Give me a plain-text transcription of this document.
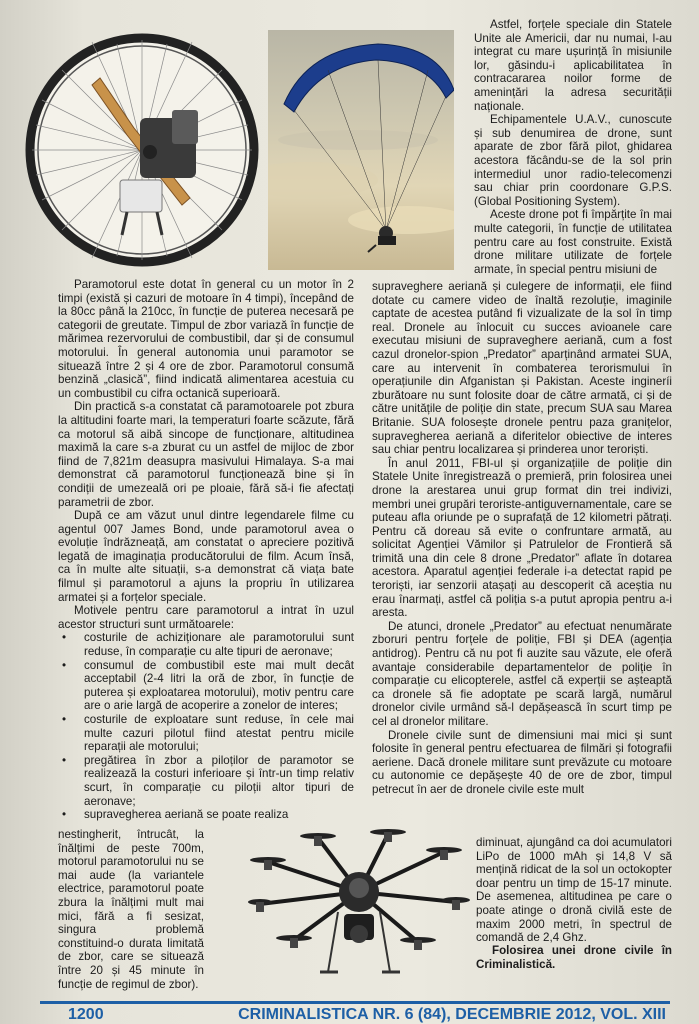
Astfel, forțele speciale din Statele Unite ale Americii, dar nu numai, l-au integrat cu mare ușurință în misiunile lor, găsindu-i aplicabilitatea în contracararea noilor forme de amenințări la adresa securității naționale.

Echipamentele U.A.V., cunoscute și sub denumirea de drone, sunt aparate de zbor fără pilot, ghidarea acestora făcându-se de la sol prin intermediul unor radio-telecomenzi sau chiar prin coordonare G.P.S. (Global Positioning System).

Aceste drone pot fi împărțite în mai multe categorii, în funcție de utilitatea pentru care au fost construite. Există drone militare utilizate de forțele armate, în special pentru misiuni de

Paramotorul este dotat în general cu un motor în 2 timpi (există și cazuri de motoare în 4 timpi), începând de la 80cc până la 210cc, în funcție de puterea necesară pe categorii de greutate. Timpul de zbor variază în funcție de mărimea rezervorului de combustibil, dar și de consumul motorului. În general autonomia unui paramotor se situează între 2 și 4 ore de zbor. Paramotorul consumă benzină „clasică”, fiind indicată alimentarea acestuia cu un combustibil cu cifra octanică superioară.

Din practică s-a constatat că paramotoarele pot zbura la altitudini foarte mari, la temperaturi foarte scăzute, fără ca motorul să aibă sincope de funcționare, altitudinea maximă la care s-a zburat cu un astfel de mijloc de zbor fiind de 7,821m deasupra masivului Himalaya. S-a mai demonstrat că paramotorul funcționează bine și în condiții de umezeală ori pe ploaie, fără să-i fie afectați parametrii de zbor.

După ce am văzut unul dintre legendarele filme cu agentul 007 James Bond, unde paramotorul avea o evoluție îndrăzneață, am constatat o apreciere pozitivă legată de imaginația producătorului de film. Acum însă, ca în multe alte situații, s-a demonstrat că viața bate filmul și paramotorul a ajuns la propriu în utilizarea armatei și a forțelor speciale.

Motivele pentru care paramotorul a intrat în uzul acestor structuri sunt următoarele:

•	costurile de achiziționare ale paramotorului sunt reduse, în comparație cu alte tipuri de aeronave;
•	consumul de combustibil este mai mult decât acceptabil (2-4 litri la oră de zbor, în funcție de puterea și exploatarea motorului), motiv pentru care are o arie largă de acoperire a zonelor de interes;
•	costurile de exploatare sunt reduse, în cele mai multe cazuri pilotul fiind atestat pentru micile reparații ale motorului;
•	pregătirea în zbor a piloților de paramotor se realizează la costuri inferioare și într-un timp relativ scurt, în comparație cu piloții altor tipuri de aeronave;
•	supravegherea aeriană se poate realiza

nestingherit, întrucât, la înălțimi de peste 700m, motorul paramotorului nu se mai aude (la variantele electrice, paramotorul poate zbura la înălțimi mult mai mici, fără a fi sesizat, singura problemă constituind-o durata limitată de zbor, care se situează între 20 și 45 minute în funcție de regimul de zbor).

supraveghere aeriană și culegere de informații, ele fiind dotate cu camere video de înaltă rezoluție, imaginile captate de acestea putând fi vizualizate de la sol în timp real. Dronele au înlocuit cu succes avioanele care executau misiuni de supraveghere aeriană, cum a fost cazul dronelor-spion „Predator” aparținând armatei SUA, care au intervenit în combaterea terorismului în operațiunile din Afganistan și Pakistan. Aceste ingineríi zburătoare nu sunt folosite doar de către armată, ci și de către unitățile de poliție din state, precum SUA sau Marea Britanie. SUA folosește dronele pentru paza granițelor, supravegherea aeriană a diferitelor obiective de interes sau chiar pentru localizarea și prinderea unor teroriști.

În anul 2011, FBI-ul și organizațiile de poliție din Statele Unite înregistrează o premieră, prin folosirea unei drone la arestarea unui grup format din trei indivizi, membri unei grupări teroriste-antiguvernamentale, care se puteau afla oriunde pe o suprafață de 12 kilometri pătrați. Pentru că doreau să evite o confruntare armată, au solicitat Agenției Vămilor și Patrulelor de Frontieră să trimită una din cele 8 drone „Predator” aflate în dotarea acestora. Aparatul agenției federale i-a detectat rapid pe teroriști, iar senzorii atașați au descoperit că aceștia nu erau înarmați, astfel că poliția s-a putut apropia pentru a-i aresta.

De atunci, dronele „Predator” au efectuat nenumărate zboruri pentru forțele de poliție, FBI și DEA (agenția antidrog). Pentru că nu pot fi auzite sau văzute, ele oferă avantaje considerabile departamentelor de poliție în comparație cu elicopterele, astfel că experții se așteaptă ca dronele să fie adoptate pe scară largă, numărul dronelor civile urmând să-l depășească în scurt timp pe cel al dronelor militare.

Dronele civile sunt de dimensiuni mai mici și sunt folosite în general pentru efectuarea de filmări și fotografii aeriene. Dacă dronele militare sunt prevăzute cu motoare cu autonomie ce depășește 40 de ore de zbor, timpul petrecut în aer de dronele civile este mult

diminuat, ajungând ca doi acumulatori LiPo de 1000 mAh și 14,8 V să mențină ridicat de la sol un octokopter doar pentru un timp de 15-17 minute. De asemenea, altitudinea pe care o poate atinge o dronă civilă este de maxim 2000 metri, în spectrul de comandă de 2,4 Ghz.

Folosirea unei drone civile în Criminalistică.

1200	CRIMINALISTICA NR. 6 (84), DECEMBRIE 2012, VOL. XIII
